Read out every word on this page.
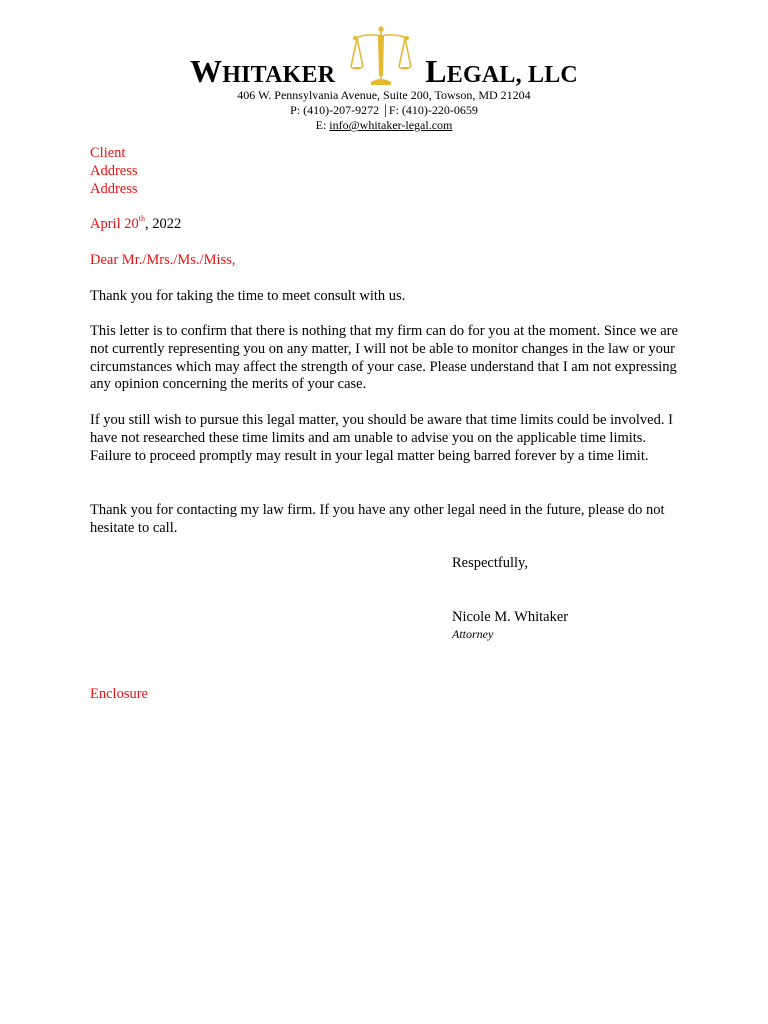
WHITAKER	LEGAL, LLC
406 W. Pennsylvania Avenue, Suite 200, Towson, MD 21204
P: (410)-207-9272 | F: (410)-220-0659
E: info@whitaker-legal.com
Client
Address
Address
April 20th, 2022
Dear Mr./Mrs./Ms./Miss,
Thank you for taking the time to meet consult with us.
This letter is to confirm that there is nothing that my firm can do for you at the moment. Since we are not currently representing you on any matter, I will not be able to monitor changes in the law or your circumstances which may affect the strength of your case. Please understand that I am not expressing any opinion concerning the merits of your case.
If you still wish to pursue this legal matter, you should be aware that time limits could be involved. I have not researched these time limits and am unable to advise you on the applicable time limits. Failure to proceed promptly may result in your legal matter being barred forever by a time limit.
Thank you for contacting my law firm. If you have any other legal need in the future, please do not hesitate to call.
Respectfully,
Nicole M. Whitaker
Attorney
Enclosure
